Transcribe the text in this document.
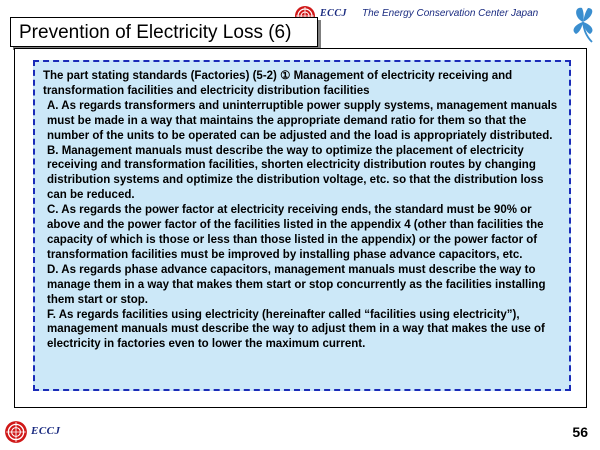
ECCJ The Energy Conservation Center Japan
Prevention of Electricity Loss (6)

The part stating standards (Factories) (5-2) ① Management of electricity receiving and transformation facilities and electricity distribution facilities

A. As regards transformers and uninterruptible power supply systems, management manuals must be made in a way that maintains the appropriate demand ratio for them so that the number of the units to be operated can be adjusted and the load is appropriately distributed.

B. Management manuals must describe the way to optimize the placement of electricity receiving and transformation facilities, shorten electricity distribution routes by changing distribution systems and optimize the distribution voltage, etc. so that the distribution loss can be reduced.

C. As regards the power factor at electricity receiving ends, the standard must be 90% or above and the power factor of the facilities listed in the appendix 4 (other than facilities the capacity of which is those or less than those listed in the appendix) or the power factor of transformation facilities must be improved by installing phase advance capacitors, etc.

D. As regards phase advance capacitors, management manuals must describe the way to manage them in a way that makes them start or stop concurrently as the facilities installing them start or stop.

F. As regards facilities using electricity (hereinafter called “facilities using electricity”), management manuals must describe the way to adjust them in a way that makes the use of electricity in factories even to lower the maximum current.

ECCJ	56
